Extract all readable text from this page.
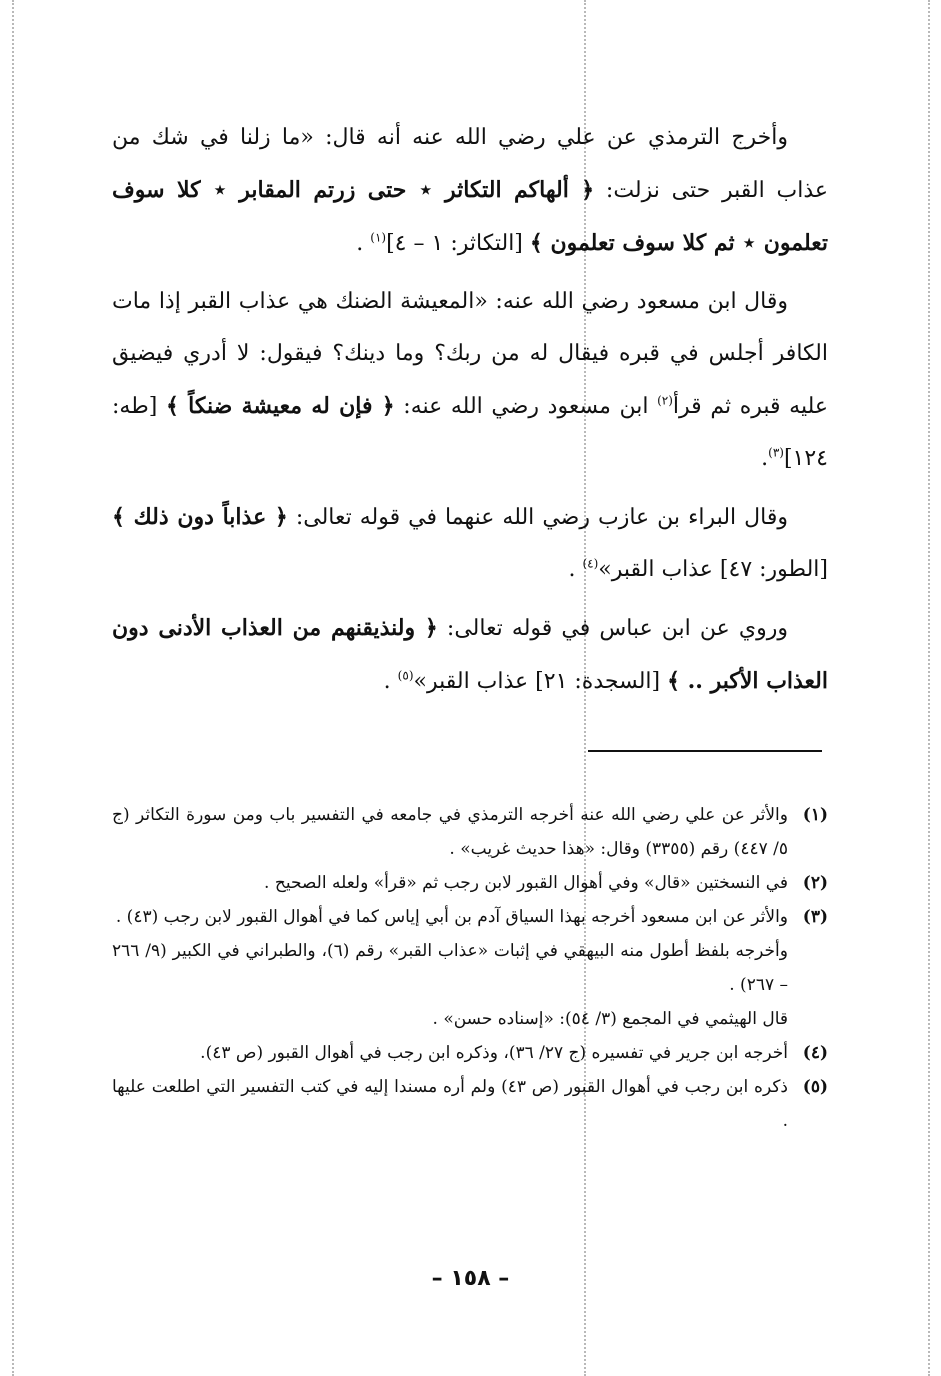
وأخرج الترمذي عن علي رضي الله عنه أنه قال: «ما زلنا في شك من عذاب القبر حتى نزلت: ﴿ ألهاكم التكاثر ⋆ حتى زرتم المقابر ⋆ كلا سوف تعلمون ⋆ ثم كلا سوف تعلمون ﴾ [التكاثر: ١ – ٤]$^{(١)}$ .

وقال ابن مسعود رضي الله عنه: «المعيشة الضنك هي عذاب القبر إذا مات الكافر أجلس في قبره فيقال له من ربك؟ وما دينك؟ فيقول: لا أدري فيضيق عليه قبره ثم قرأ$^{(٢)}$ ابن مسعود رضي الله عنه: ﴿ فإن له معيشة ضنكاً ﴾ [طه: ١٢٤]$^{(٣)}$.

وقال البراء بن عازب رضي الله عنهما في قوله تعالى: ﴿ عذاباً دون ذلك ﴾ [الطور: ٤٧] عذاب القبر»$^{(٤)}$ .

وروي عن ابن عباس في قوله تعالى: ﴿ ولنذيقنهم من العذاب الأدنى دون العذاب الأكبر .. ﴾ [السجدة: ٢١] عذاب القبر»$^{(٥)}$ .

(١)
والأثر عن علي رضي الله عنه أخرجه الترمذي في جامعه في التفسير باب ومن سورة التكاثر (ج ٥/ ٤٤٧) رقم (٣٣٥٥) وقال: «هذا حديث غريب» .
(٢)
في النسختين «قال» وفي أهوال القبور لابن رجب ثم «قرأ» ولعله الصحيح .
(٣)
والأثر عن ابن مسعود أخرجه بهذا السياق آدم بن أبي إياس كما في أهوال القبور لابن رجب (٤٣) .
وأخرجه بلفظ أطول منه البيهقي في إثبات «عذاب القبر» رقم (٦)، والطبراني في الكبير (٩/ ٢٦٦ – ٢٦٧) .
قال الهيثمي في المجمع (٣/ ٥٤): «إسناده حسن» .
(٤)
أخرجه ابن جرير في تفسيره (ج ٢٧/ ٣٦)، وذكره ابن رجب في أهوال القبور (ص ٤٣).
(٥)
ذكره ابن رجب في أهوال القبور (ص ٤٣) ولم أره مسندا إليه في كتب التفسير التي اطلعت عليها .
– ١٥٨ –
